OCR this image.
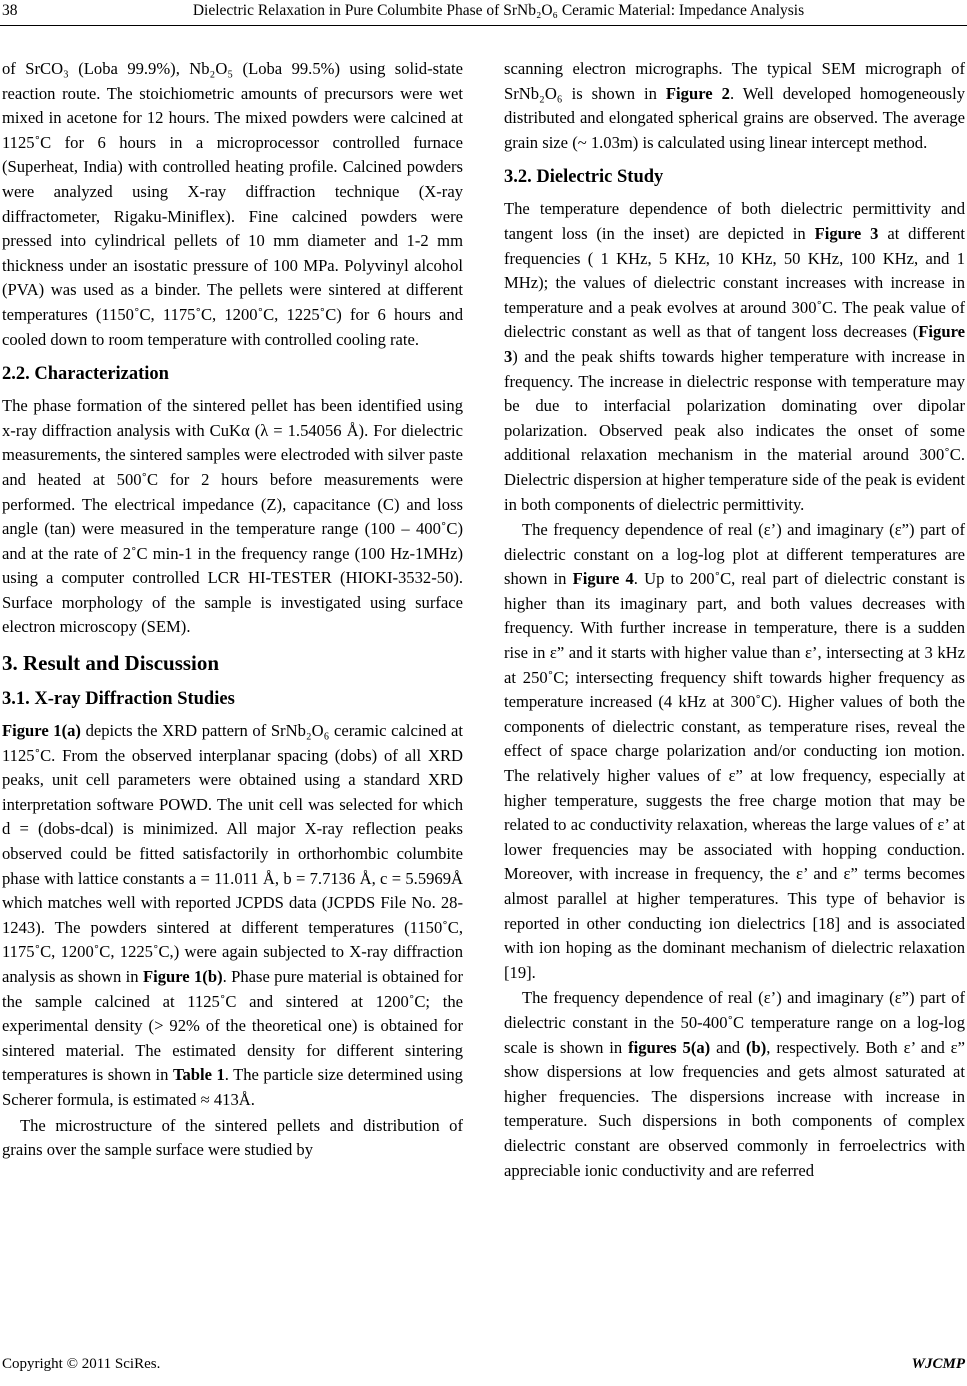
38	Dielectric Relaxation in Pure Columbite Phase of SrNb₂O₆ Ceramic Material: Impedance Analysis

of SrCO₃ (Loba 99.9%), Nb₂O₅ (Loba 99.5%) using solid-state reaction route. The stoichiometric amounts of precursors were wet mixed in acetone for 12 hours. The mixed powders were calcined at 1125˚C for 6 hours in a microprocessor controlled furnace (Superheat, India) with controlled heating profile. Calcined powders were analyzed using X-ray diffraction technique (X-ray diffractometer, Rigaku-Miniflex). Fine calcined powders were pressed into cylindrical pellets of 10 mm diameter and 1-2 mm thickness under an isostatic pressure of 100 MPa. Polyvinyl alcohol (PVA) was used as a binder. The pellets were sintered at different temperatures (1150˚C, 1175˚C, 1200˚C, 1225˚C) for 6 hours and cooled down to room temperature with controlled cooling rate.

2.2. Characterization

The phase formation of the sintered pellet has been identified using x-ray diffraction analysis with CuKα (λ = 1.54056 Å). For dielectric measurements, the sintered samples were electroded with silver paste and heated at 500˚C for 2 hours before measurements were performed. The electrical impedance (Z), capacitance (C) and loss angle (tan) were measured in the temperature range (100 – 400˚C) and at the rate of 2˚C min-1 in the frequency range (100 Hz-1MHz) using a computer controlled LCR HI-TESTER (HIOKI-3532-50). Surface morphology of the sample is investigated using surface electron microscopy (SEM).

3. Result and Discussion
3.1. X-ray Diffraction Studies

Figure 1(a) depicts the XRD pattern of SrNb₂O₆ ceramic calcined at 1125˚C. From the observed interplanar spacing (dobs) of all XRD peaks, unit cell parameters were obtained using a standard XRD interpretation software POWD. The unit cell was selected for which d = (dobs-dcal) is minimized. All major X-ray reflection peaks observed could be fitted satisfactorily in orthorhombic columbite phase with lattice constants a = 11.011 Å, b = 7.7136 Å, c = 5.5969Å which matches well with reported JCPDS data (JCPDS File No. 28-1243). The powders sintered at different temperatures (1150˚C, 1175˚C, 1200˚C, 1225˚C,) were again subjected to X-ray diffraction analysis as shown in Figure 1(b). Phase pure material is obtained for the sample calcined at 1125˚C and sintered at 1200˚C; the experimental density (> 92% of the theoretical one) is obtained for sintered material. The estimated density for different sintering temperatures is shown in Table 1. The particle size determined using Scherer formula, is estimated ≈ 413Å.

The microstructure of the sintered pellets and distribution of grains over the sample surface were studied by

scanning electron micrographs. The typical SEM micrograph of SrNb₂O₆ is shown in Figure 2. Well developed homogeneously distributed and elongated spherical grains are observed. The average grain size (~ 1.03m) is calculated using linear intercept method.

3.2. Dielectric Study

The temperature dependence of both dielectric permittivity and tangent loss (in the inset) are depicted in Figure 3 at different frequencies ( 1 KHz, 5 KHz, 10 KHz, 50 KHz, 100 KHz, and 1 MHz); the values of dielectric constant increases with increase in temperature and a peak evolves at around 300˚C. The peak value of dielectric constant as well as that of tangent loss decreases (Figure 3) and the peak shifts towards higher temperature with increase in frequency. The increase in dielectric response with temperature may be due to interfacial polarization dominating over dipolar polarization. Observed peak also indicates the onset of some additional relaxation mechanism in the material around 300˚C. Dielectric dispersion at higher temperature side of the peak is evident in both components of dielectric permittivity.

The frequency dependence of real (ε’) and imaginary (ε”) part of dielectric constant on a log-log plot at different temperatures are shown in Figure 4. Up to 200˚C, real part of dielectric constant is higher than its imaginary part, and both values decreases with frequency. With further increase in temperature, there is a sudden rise in ε” and it starts with higher value than ε’, intersecting at 3 kHz at 250˚C; intersecting frequency shift towards higher frequency as temperature increased (4 kHz at 300˚C). Higher values of both the components of dielectric constant, as temperature rises, reveal the effect of space charge polarization and/or conducting ion motion. The relatively higher values of ε” at low frequency, especially at higher temperature, suggests the free charge motion that may be related to ac conductivity relaxation, whereas the large values of ε’ at lower frequencies may be associated with hopping conduction. Moreover, with increase in frequency, the ε’ and ε” terms becomes almost parallel at higher temperatures. This type of behavior is reported in other conducting ion dielectrics [18] and is associated with ion hoping as the dominant mechanism of dielectric relaxation [19].

The frequency dependence of real (ε’) and imaginary (ε”) part of dielectric constant in the 50-400˚C temperature range on a log-log scale is shown in figures 5(a) and (b), respectively. Both ε’ and ε” show dispersions at low frequencies and gets almost saturated at higher frequencies. The dispersions increase with increase in temperature. Such dispersions in both components of complex dielectric constant are observed commonly in ferroelectrics with appreciable ionic conductivity and are referred

Copyright © 2011 SciRes.	WJCMP
